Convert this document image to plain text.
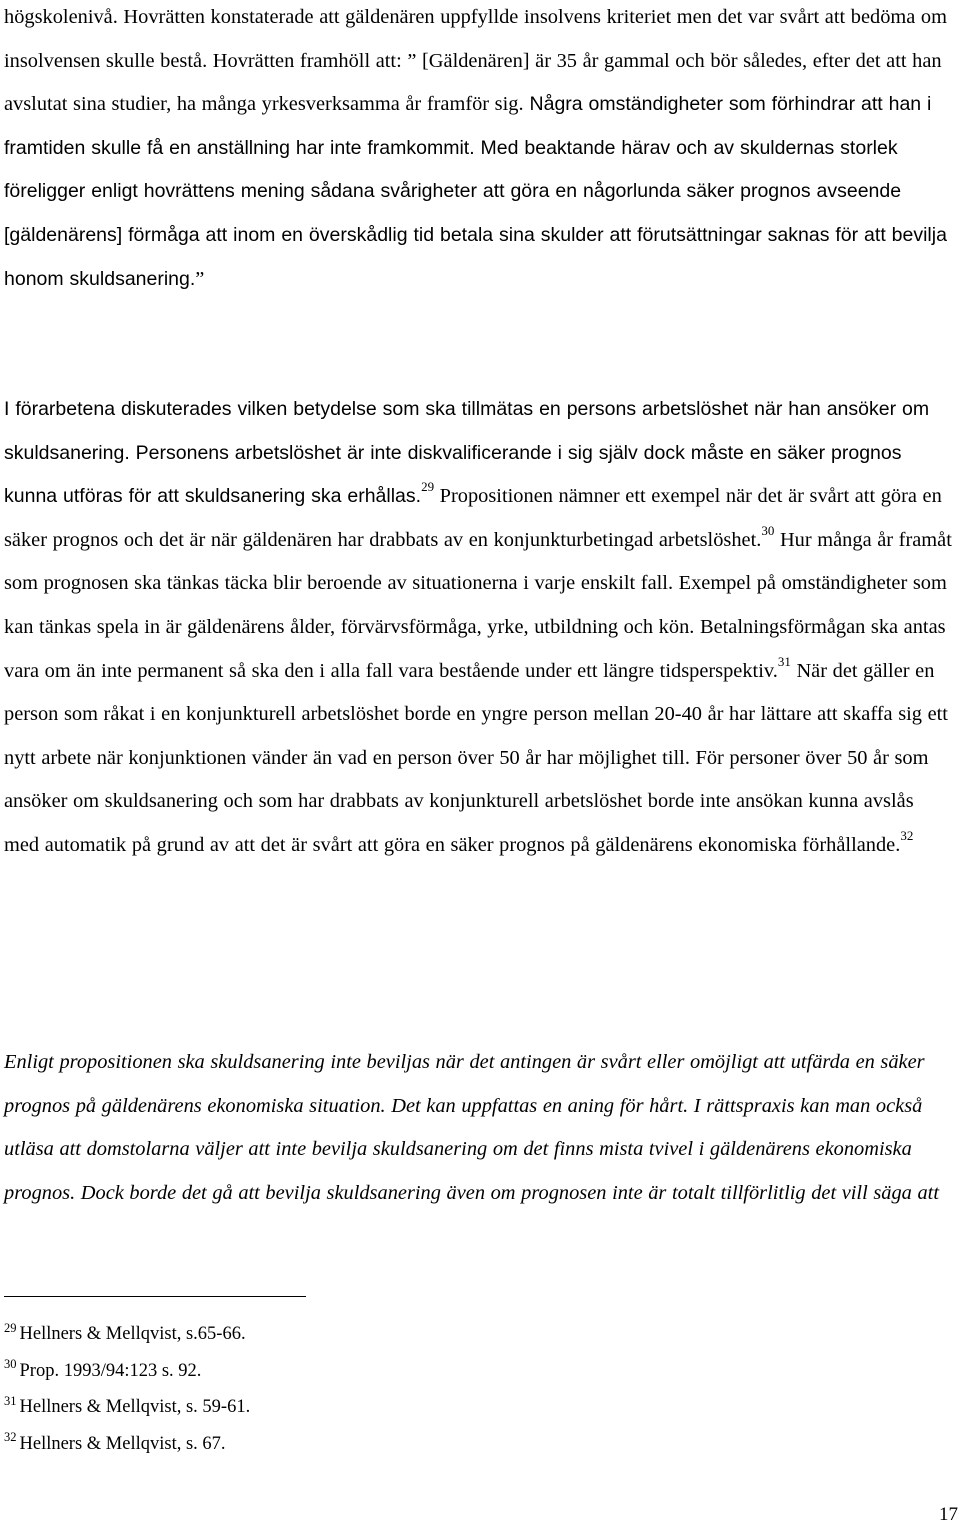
högskolenivå. Hovrätten konstaterade att gäldenären uppfyllde insolvens kriteriet men det var svårt att bedöma om insolvensen skulle bestå. Hovrätten framhöll att: ” [Gäldenären] är 35 år gammal och bör således, efter det att han avslutat sina studier, ha många yrkesverksamma år framför sig. Några omständigheter som förhindrar att han i framtiden skulle få en anställning har inte framkommit. Med beaktande härav och av skuldernas storlek föreligger enligt hovrättens mening sådana svårigheter att göra en någorlunda säker prognos avseende [gäldenärens] förmåga att inom en överskådlig tid betala sina skulder att förutsättningar saknas för att bevilja honom skuldsanering.”

I förarbetena diskuterades vilken betydelse som ska tillmätas en persons arbetslöshet när han ansöker om skuldsanering. Personens arbetslöshet är inte diskvalificerande i sig själv dock måste en säker prognos kunna utföras för att skuldsanering ska erhållas.$^{29}$ Propositionen nämner ett exempel när det är svårt att göra en säker prognos och det är när gäldenären har drabbats av en konjunkturbetingad arbetslöshet.$^{30}$ Hur många år framåt som prognosen ska tänkas täcka blir beroende av situationerna i varje enskilt fall. Exempel på omständigheter som kan tänkas spela in är gäldenärens ålder, förvärvsförmåga, yrke, utbildning och kön. Betalningsförmågan ska antas vara om än inte permanent så ska den i alla fall vara bestående under ett längre tidsperspektiv.$^{31}$ När det gäller en person som råkat i en konjunkturell arbetslöshet borde en yngre person mellan 20-40 år har lättare att skaffa sig ett nytt arbete när konjunktionen vänder än vad en person över 50 år har möjlighet till. För personer över 50 år som ansöker om skuldsanering och som har drabbats av konjunkturell arbetslöshet borde inte ansökan kunna avslås med automatik på grund av att det är svårt att göra en säker prognos på gäldenärens ekonomiska förhållande.$^{32}$

Enligt propositionen ska skuldsanering inte beviljas när det antingen är svårt eller omöjligt att utfärda en säker prognos på gäldenärens ekonomiska situation. Det kan uppfattas en aning för hårt. I rättspraxis kan man också utläsa att domstolarna väljer att inte bevilja skuldsanering om det finns mista tvivel i gäldenärens ekonomiska prognos. Dock borde det gå att bevilja skuldsanering även om prognosen inte är totalt tillförlitlig det vill säga att

$^{29}$ Hellners & Mellqvist, s.65-66.
$^{30}$ Prop. 1993/94:123 s. 92.
$^{31}$ Hellners & Mellqvist, s. 59-61.
$^{32}$ Hellners & Mellqvist, s. 67.
17
